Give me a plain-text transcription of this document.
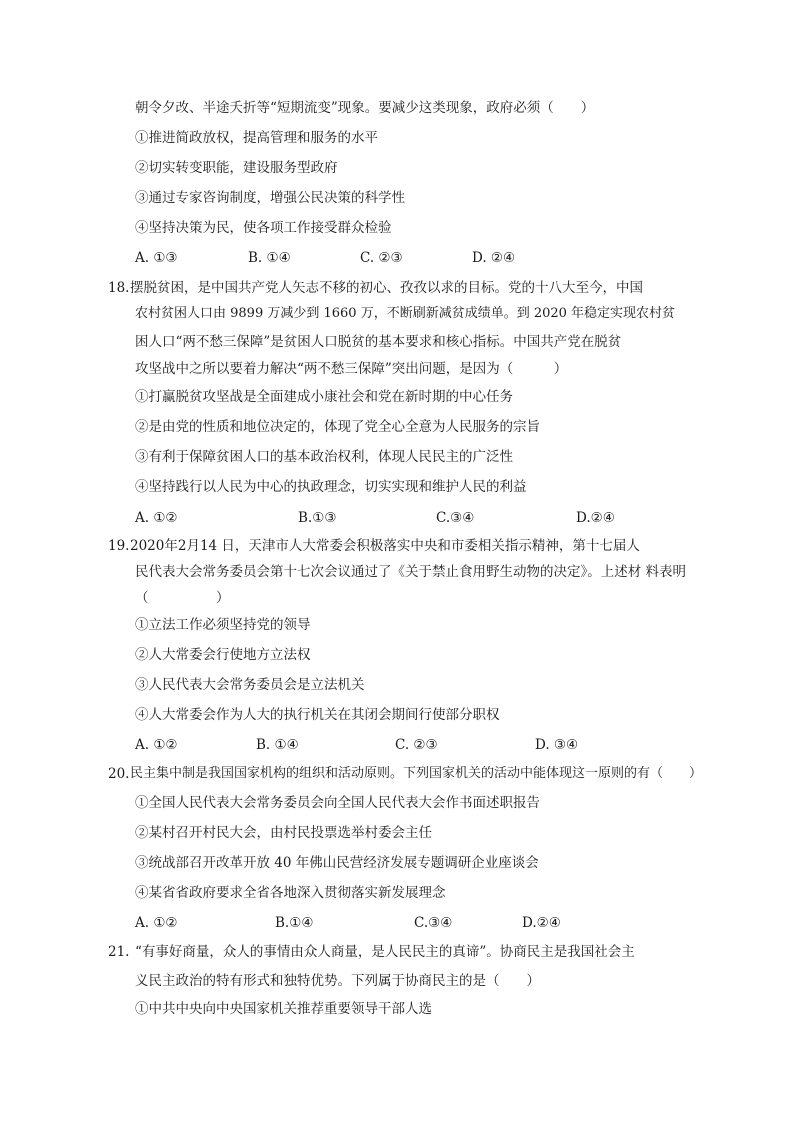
朝令夕改、半途夭折等“短期流变”现象。要减少这类现象，政府必须（　　）
①推进简政放权，提高管理和服务的水平
②切实转变职能，建设服务型政府
③通过专家咨询制度，增强公民决策的科学性
④坚持决策为民，使各项工作接受群众检验
A. ①③	B. ①④	C. ②③	D. ②④
18. 摆脱贫困，是中国共产党人矢志不移的初心、孜孜以求的目标。党的十八大至今，中国
农村贫困人口由 9899 万减少到 1660 万，不断刷新减贫成绩单。到 2020 年稳定实现农村贫
困人口“两不愁三保障”是贫困人口脱贫的基本要求和核心指标。中国共产党在脱贫
攻坚战中之所以要着力解决“两不愁三保障”突出问题，是因为（　　　）
①打赢脱贫攻坚战是全面建成小康社会和党在新时期的中心任务
②是由党的性质和地位决定的，体现了党全心全意为人民服务的宗旨
③有利于保障贫困人口的基本政治权利，体现人民民主的广泛性
④坚持践行以人民为中心的执政理念，切实实现和维护人民的利益
A. ①②	B.①③	C.③④	D.②④
19. 2020年2月14 日，天津市人大常委会积极落实中央和市委相关指示精神，第十七届人
民代表大会常务委员会第十七次会议通过了《关于禁止食用野生动物的决定》。上述材 料表明
（　　　　　）
①立法工作必须坚持党的领导
②人大常委会行使地方立法权
③人民代表大会常务委员会是立法机关
④人大常委会作为人大的执行机关在其闭会期间行使部分职权
A. ①②	B. ①④	C. ②③	D. ③④
20. 民主集中制是我国国家机构的组织和活动原则。下列国家机关的活动中能体现这一原则的有（　　）
①全国人民代表大会常务委员会向全国人民代表大会作书面述职报告
②某村召开村民大会，由村民投票选举村委会主任
③统战部召开改革开放 40 年佛山民营经济发展专题调研企业座谈会
④某省省政府要求全省各地深入贯彻落实新发展理念
A. ①②	B.①④	C.③④	D.②④
21. “有事好商量，众人的事情由众人商量，是人民民主的真谛”。协商民主是我国社会主
义民主政治的特有形式和独特优势。下列属于协商民主的是（　　）
①中共中央向中央国家机关推荐重要领导干部人选
